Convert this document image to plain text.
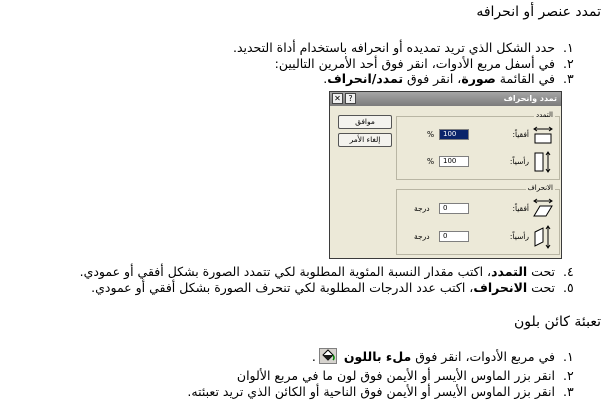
تمدد عنصر أو انحرافه
١.حدد الشكل الذي تريد تمديده أو انحرافه باستخدام أداة التحديد.
٢.في أسفل مربع الأدوات، انقر فوق أحد الأمرين التاليين:
٣.في القائمة صورة، انقر فوق تمدد/انحراف.
تمدد وانحراف
✕ ?
موافق
إلغاء الأمر
التمدد
أفقياً:
100
%
رأسياً:
100
%
الانحراف
أفقياً:
0
درجة
رأسياً:
0
درجة
٤.تحت التمدد، اكتب مقدار النسبة المئوية المطلوبة لكي تتمدد الصورة بشكل أفقي أو عمودي.
٥.تحت الانحراف، اكتب عدد الدرجات المطلوبة لكي تنحرف الصورة بشكل أفقي أو عمودي.
تعبئة كائن بلون
١.في مربع الأدوات، انقر فوق ملء باللون .
٢.انقر بزر الماوس الأيسر أو الأيمن فوق لون ما في مربع الألوان
٣.انقر بزر الماوس الأيسر أو الأيمن فوق الناحية أو الكائن الذي تريد تعبئته.
